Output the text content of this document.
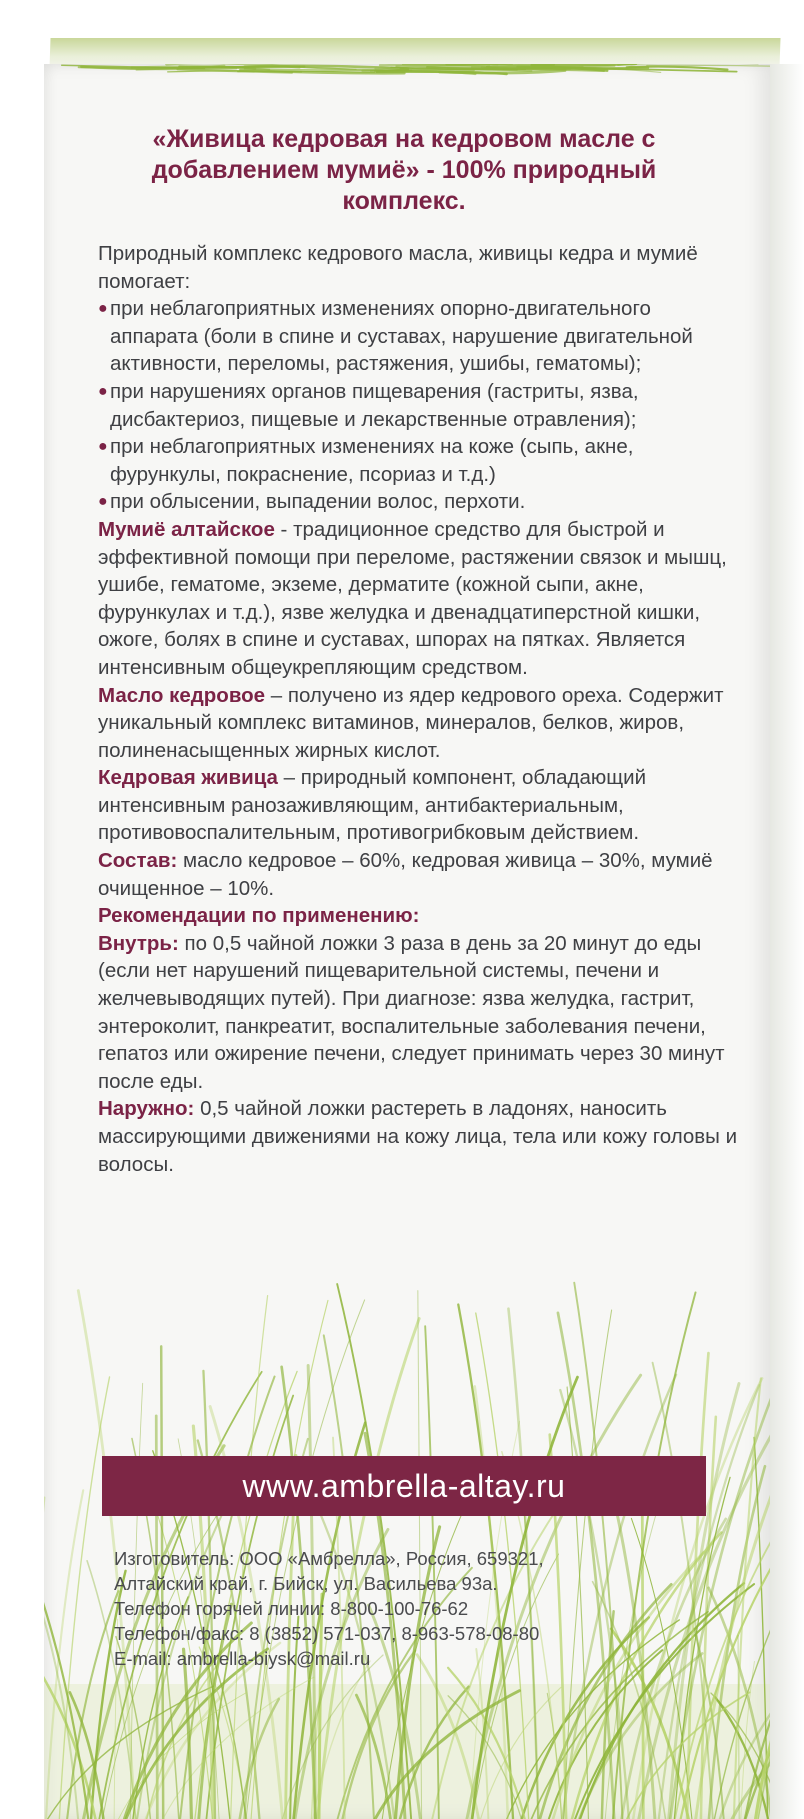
«Живица кедровая на кедровом масле с
добавлением мумиё» - 100% природный
комплекс.

Природный комплекс кедрового масла, живицы кедра и мумиё помогает:

● при неблагоприятных изменениях опорно-двигательного аппарата (боли в спине и суставах, нарушение двигательной активности, переломы, растяжения, ушибы, гематомы);
● при нарушениях органов пищеварения (гастриты, язва, дисбактериоз, пищевые и лекарственные отравления);
● при неблагоприятных изменениях на коже (сыпь, акне, фурункулы, покраснение, псориаз и т.д.)
● при облысении, выпадении волос, перхоти.

Мумиё алтайское - традиционное средство для быстрой и эффективной помощи при переломе, растяжении связок и мышц, ушибе, гематоме, экземе, дерматите (кожной сыпи, акне, фурункулах и т.д.), язве желудка и двенадцатиперстной кишки, ожоге, болях в спине и суставах, шпорах на пятках. Является интенсивным общеукрепляющим средством.

Масло кедровое – получено из ядер кедрового ореха. Содержит уникальный комплекс витаминов, минералов, белков, жиров, полиненасыщенных жирных кислот.

Кедровая живица – природный компонент, обладающий интенсивным ранозаживляющим, антибактериальным, противовоспалительным, противогрибковым действием.

Состав: масло кедровое – 60%, кедровая живица – 30%, мумиё очищенное – 10%.

Рекомендации по применению:

Внутрь: по 0,5 чайной ложки 3 раза в день за 20 минут до еды (если нет нарушений пищеварительной системы, печени и желчевыводящих путей). При диагнозе: язва желудка, гастрит, энтероколит, панкреатит, воспалительные заболевания печени, гепатоз или ожирение печени, следует принимать через 30 минут после еды.

Наружно: 0,5 чайной ложки растереть в ладонях, наносить массирующими движениями на кожу лица, тела или кожу головы и волосы.

www.ambrella-altay.ru
Изготовитель: ООО «Амбрелла», Россия, 659321,
Алтайский край, г. Бийск, ул. Васильева 93а.
Телефон горячей линии: 8-800-100-76-62
Телефон/факс: 8 (3852) 571-037, 8-963-578-08-80
E-mail: ambrella-biysk@mail.ru
